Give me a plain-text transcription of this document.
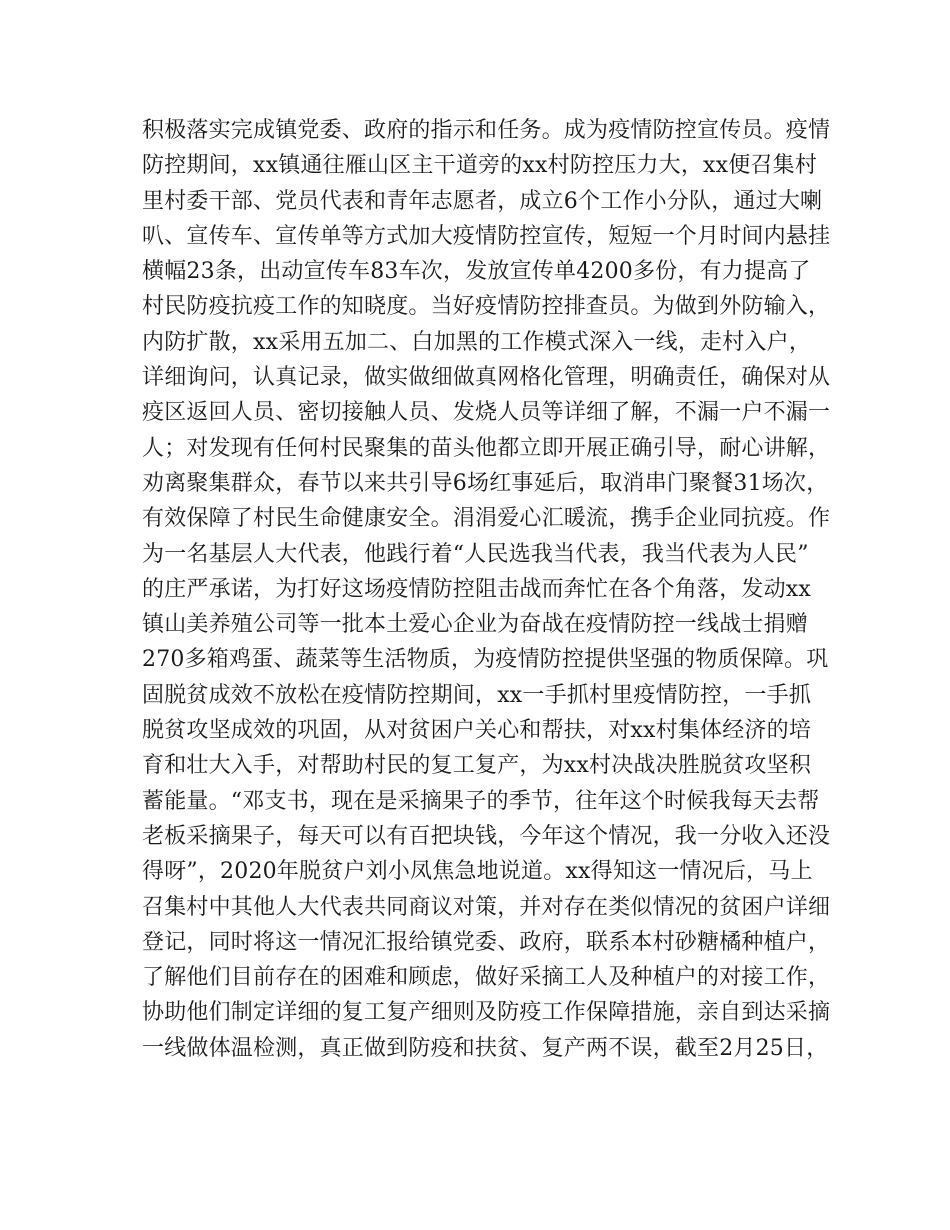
积极落实完成镇党委、政府的指示和任务。成为疫情防控宣传员。疫情
防控期间，xx镇通往雁山区主干道旁的xx村防控压力大，xx便召集村
里村委干部、党员代表和青年志愿者，成立6个工作小分队，通过大喇
叭、宣传车、宣传单等方式加大疫情防控宣传，短短一个月时间内悬挂
横幅23条，出动宣传车83车次，发放宣传单4200多份，有力提高了
村民防疫抗疫工作的知晓度。当好疫情防控排查员。为做到外防输入，
内防扩散，xx采用五加二、白加黑的工作模式深入一线，走村入户，
详细询问，认真记录，做实做细做真网格化管理，明确责任，确保对从
疫区返回人员、密切接触人员、发烧人员等详细了解，不漏一户不漏一
人；对发现有任何村民聚集的苗头他都立即开展正确引导，耐心讲解，
劝离聚集群众，春节以来共引导6场红事延后，取消串门聚餐31场次，
有效保障了村民生命健康安全。涓涓爱心汇暖流，携手企业同抗疫。作
为一名基层人大代表，他践行着“人民选我当代表，我当代表为人民”
的庄严承诺，为打好这场疫情防控阻击战而奔忙在各个角落，发动xx
镇山美养殖公司等一批本土爱心企业为奋战在疫情防控一线战士捐赠
270多箱鸡蛋、蔬菜等生活物质，为疫情防控提供坚强的物质保障。巩
固脱贫成效不放松在疫情防控期间，xx一手抓村里疫情防控，一手抓
脱贫攻坚成效的巩固，从对贫困户关心和帮扶，对xx村集体经济的培
育和壮大入手，对帮助村民的复工复产，为xx村决战决胜脱贫攻坚积
蓄能量。“邓支书，现在是采摘果子的季节，往年这个时候我每天去帮
老板采摘果子，每天可以有百把块钱，今年这个情况，我一分收入还没
得呀”，2020年脱贫户刘小凤焦急地说道。xx得知这一情况后，马上
召集村中其他人大代表共同商议对策，并对存在类似情况的贫困户详细
登记，同时将这一情况汇报给镇党委、政府，联系本村砂糖橘种植户，
了解他们目前存在的困难和顾虑，做好采摘工人及种植户的对接工作，
协助他们制定详细的复工复产细则及防疫工作保障措施，亲自到达采摘
一线做体温检测，真正做到防疫和扶贫、复产两不误，截至2月25日，
